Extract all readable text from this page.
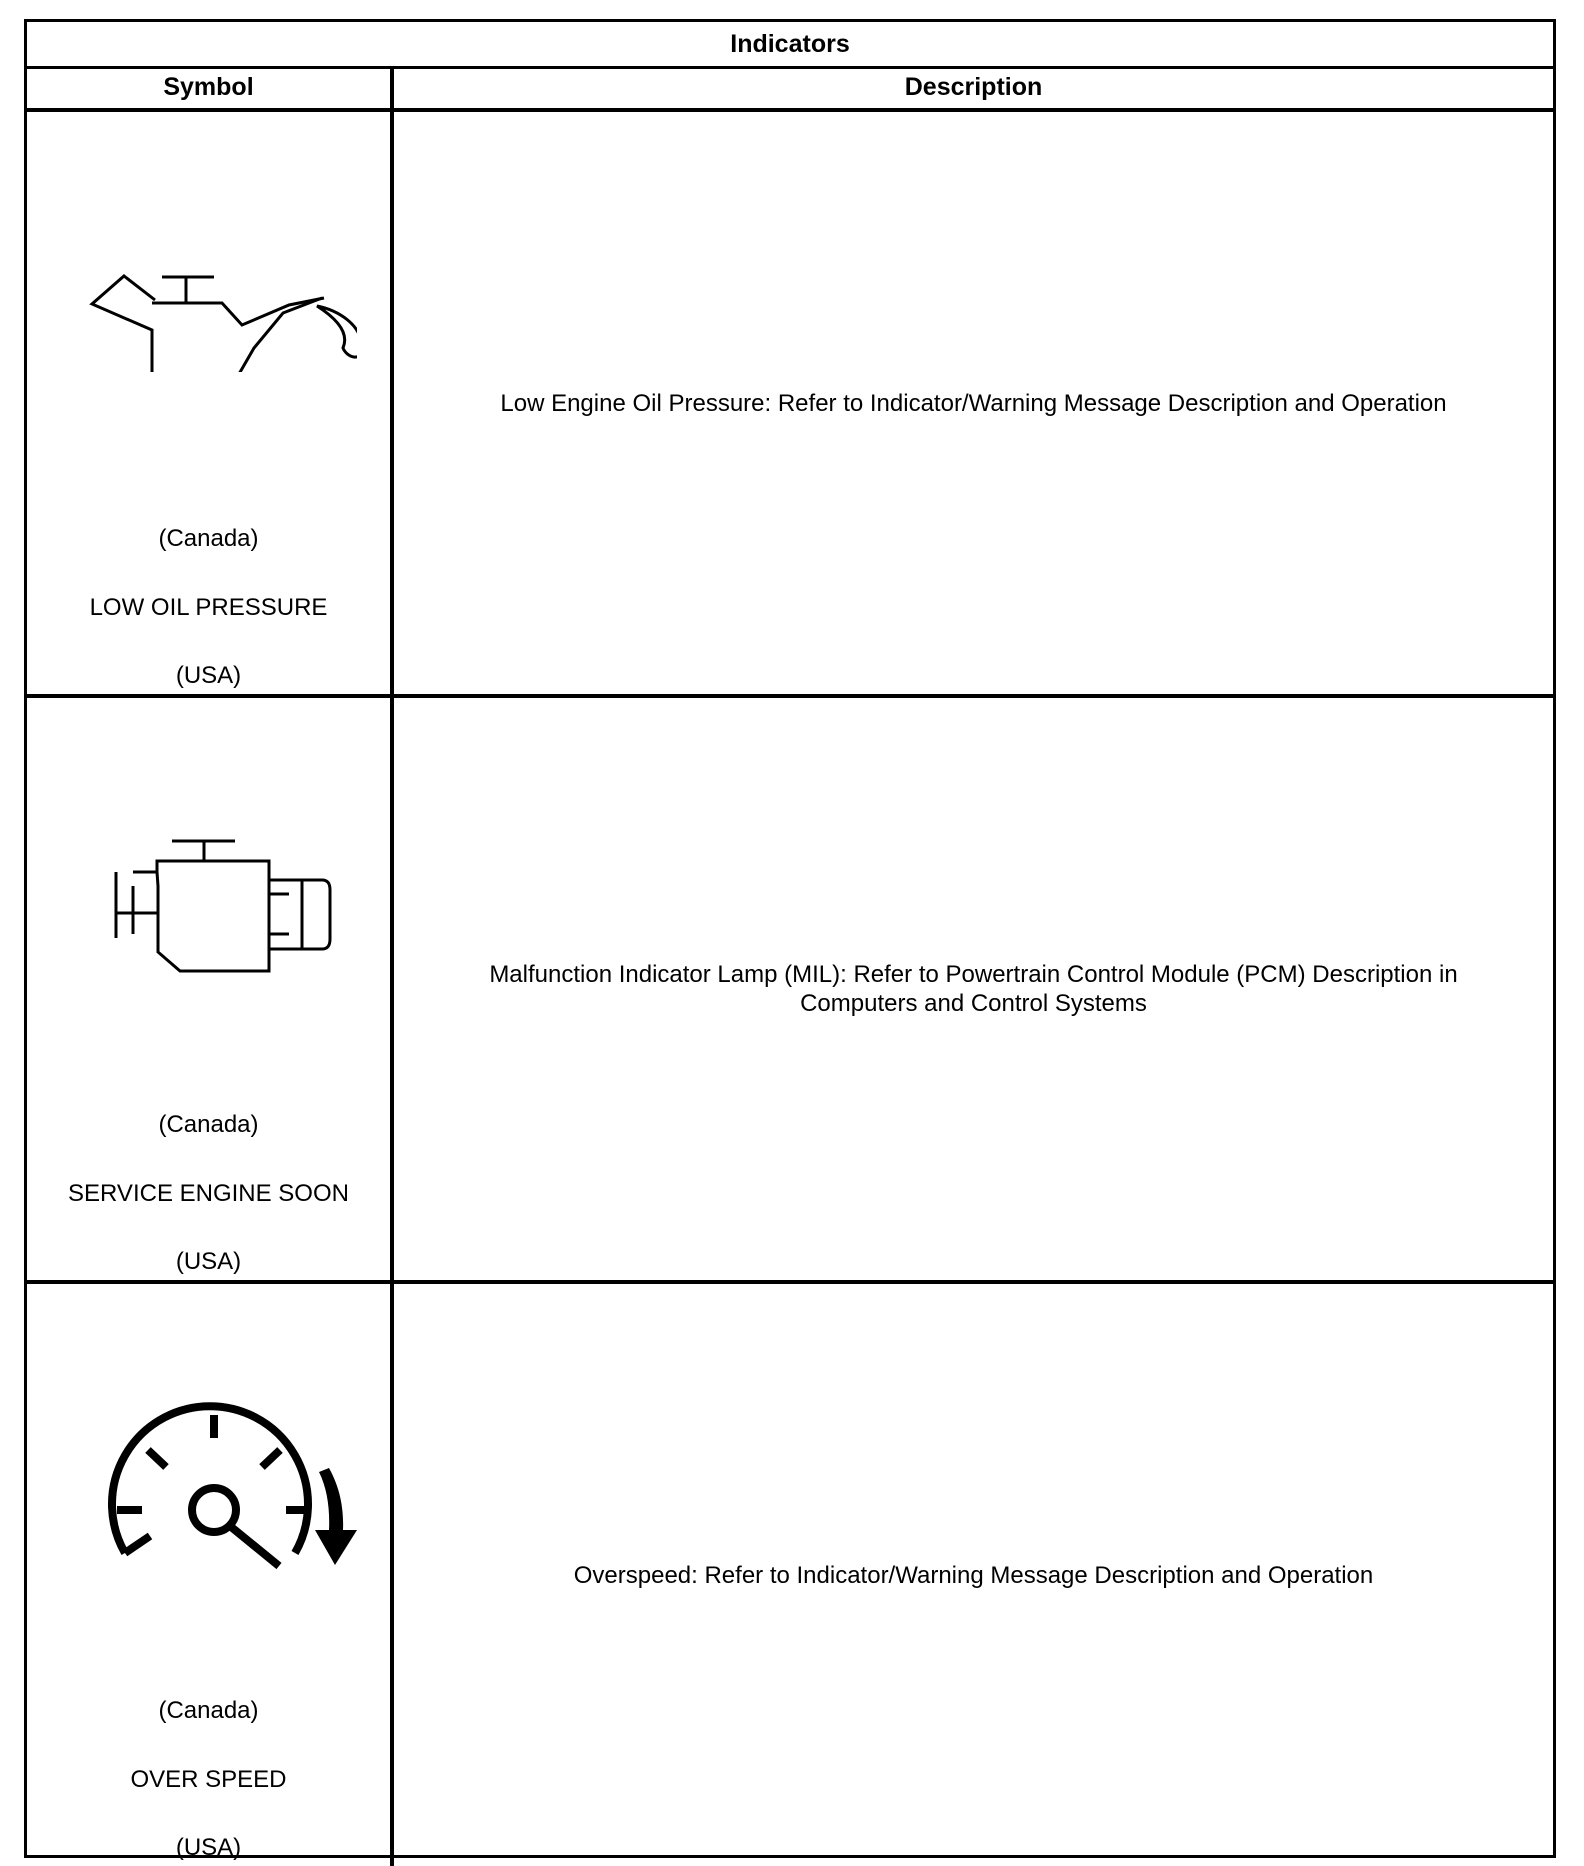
Indicators
Symbol	Description
(Canada)
LOW OIL PRESSURE
(USA)
Low Engine Oil Pressure: Refer to Indicator/Warning Message Description and Operation
(Canada)
SERVICE ENGINE SOON
(USA)
Malfunction Indicator Lamp (MIL): Refer to Powertrain Control Module (PCM) Description in Computers and Control Systems
(Canada)
OVER SPEED
(USA)
Overspeed: Refer to Indicator/Warning Message Description and Operation
